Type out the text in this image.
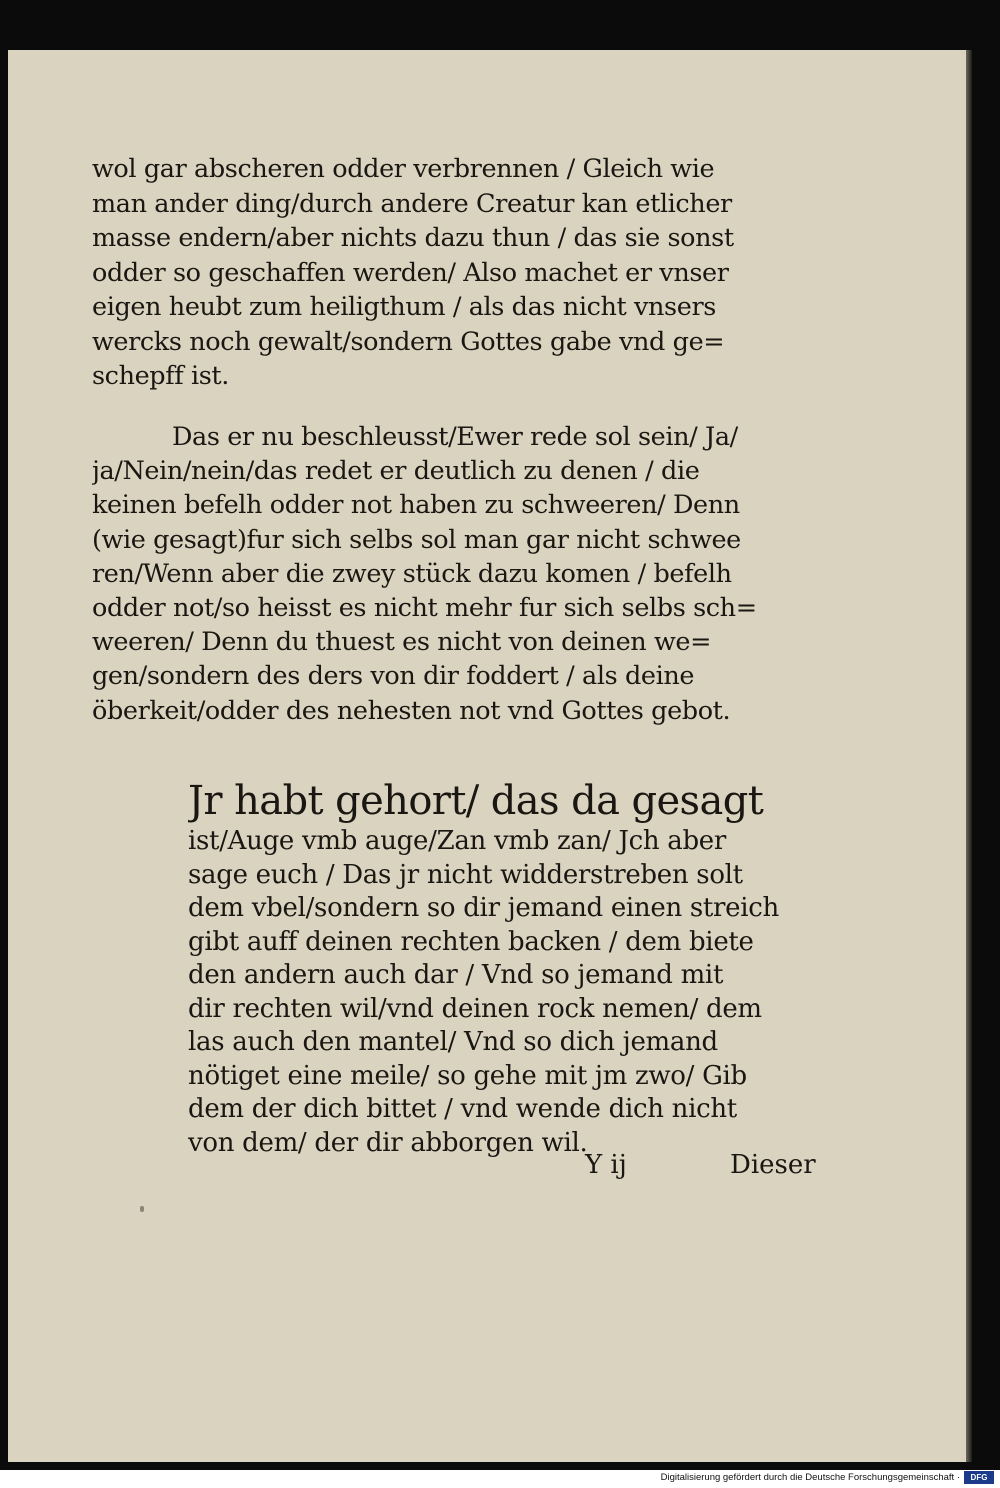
wol gar abscheren odder verbrennen / Gleich wie
man ander ding/durch andere Creatur kan etlicher
masse endern/aber nichts dazu thun / das sie sonst
odder so geschaffen werden/ Also machet er vnser
eigen heubt zum heiligthum / als das nicht vnsers
wercks noch gewalt/sondern Gottes gabe vnd ge=
schepff ist.
Das er nu beschleusst/Ewer rede sol sein/ Ja/
ja/Nein/nein/das redet er deutlich zu denen / die
keinen befelh odder not haben zu schweeren/ Denn
(wie gesagt)fur sich selbs sol man gar nicht schwee
ren/Wenn aber die zwey stück dazu komen / befelh
odder not/so heisst es nicht mehr fur sich selbs sch=
weeren/ Denn du thuest es nicht von deinen we=
gen/sondern des ders von dir foddert / als deine
öberkeit/odder des nehesten not vnd Gottes gebot.
Jr habt gehort/ das da gesagt
ist/Auge vmb auge/Zan vmb zan/ Jch aber
sage euch / Das jr nicht widderstreben solt
dem vbel/sondern so dir jemand einen streich
gibt auff deinen rechten backen / dem biete
den andern auch dar / Vnd so jemand mit
dir rechten wil/vnd deinen rock nemen/ dem
las auch den mantel/ Vnd so dich jemand
nötiget eine meile/ so gehe mit jm zwo/ Gib
dem der dich bittet / vnd wende dich nicht
von dem/ der dir abborgen wil.
Y ij	Dieser
Digitalisierung gefördert durch die Deutsche Forschungsgemeinschaft ·	DFG
